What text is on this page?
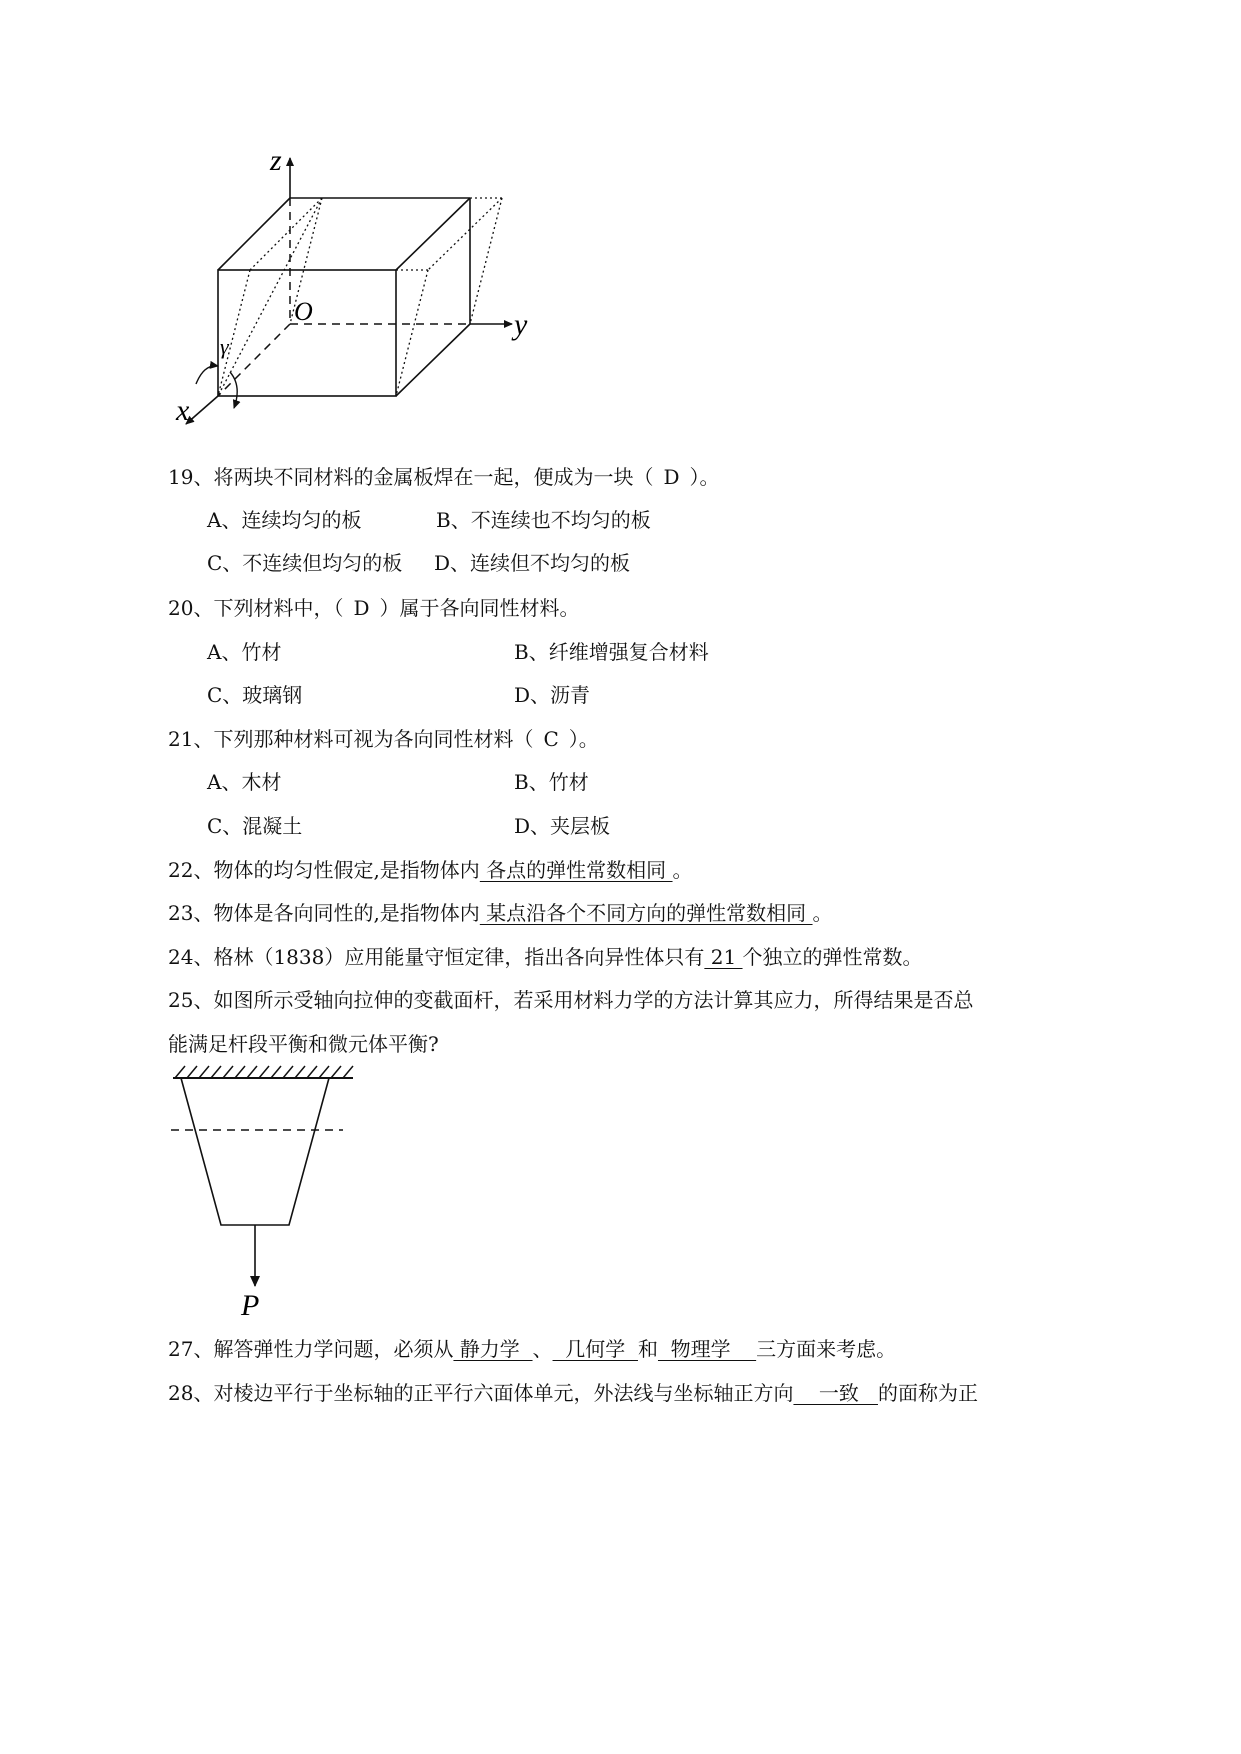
z
y
x
O
γ
19、将两块不同材料的金属板焊在一起，便成为一块（ D ）。
A、连续均匀的板	B、不连续也不均匀的板
C、不连续但均匀的板 D、连续但不均匀的板
20、下列材料中，（ D ）属于各向同性材料。
A、竹材	B、纤维增强复合材料
C、玻璃钢	D、沥青
21、下列那种材料可视为各向同性材料（ C ）。
A、木材	B、竹材
C、混凝土	D、夹层板
22、物体的均匀性假定,是指物体内 各点的弹性常数相同 。
23、物体是各向同性的,是指物体内 某点沿各个不同方向的弹性常数相同 。
24、格林（1838）应用能量守恒定律，指出各向异性体只有 21 个独立的弹性常数。
25、如图所示受轴向拉伸的变截面杆，若采用材料力学的方法计算其应力，所得结果是否总
能满足杆段平衡和微元体平衡?
P
27、解答弹性力学问题，必须从 静力学  、  几何学  和  物理学    三方面来考虑。
28、对棱边平行于坐标轴的正平行六面体单元，外法线与坐标轴正方向    一致   的面称为正
